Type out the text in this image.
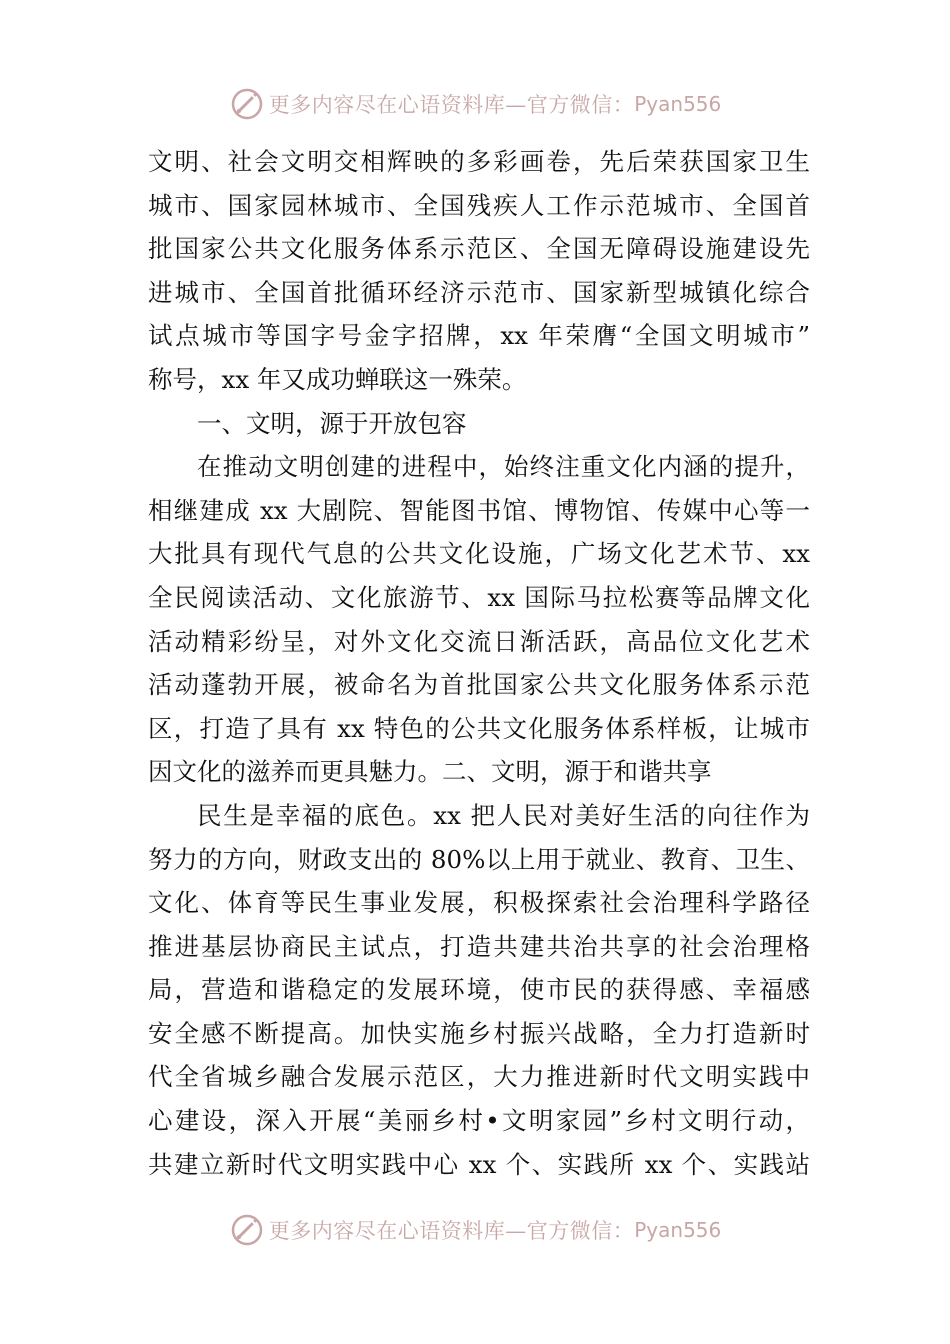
更多内容尽在心语资料库—官方微信： Pyan556
文明、社会文明交相辉映的多彩画卷，先后荣获国家卫生
城市、国家园林城市、全国残疾人工作示范城市、全国首
批国家公共文化服务体系示范区、全国无障碍设施建设先
进城市、全国首批循环经济示范市、国家新型城镇化综合
试点城市等国字号金字招牌，xx 年荣膺“全国文明城市”
称号，xx 年又成功蝉联这一殊荣。
一、文明，源于开放包容
在推动文明创建的进程中，始终注重文化内涵的提升，
相继建成 xx 大剧院、智能图书馆、博物馆、传媒中心等一
大批具有现代气息的公共文化设施，广场文化艺术节、xx
全民阅读活动、文化旅游节、xx 国际马拉松赛等品牌文化
活动精彩纷呈，对外文化交流日渐活跃，高品位文化艺术
活动蓬勃开展，被命名为首批国家公共文化服务体系示范
区，打造了具有 xx 特色的公共文化服务体系样板，让城市
因文化的滋养而更具魅力。二、文明，源于和谐共享
民生是幸福的底色。xx 把人民对美好生活的向往作为
努力的方向，财政支出的 80%以上用于就业、教育、卫生、
文化、体育等民生事业发展，积极探索社会治理科学路径
推进基层协商民主试点，打造共建共治共享的社会治理格
局，营造和谐稳定的发展环境，使市民的获得感、幸福感
安全感不断提高。加快实施乡村振兴战略，全力打造新时
代全省城乡融合发展示范区，大力推进新时代文明实践中
心建设，深入开展“美丽乡村•文明家园”乡村文明行动，
共建立新时代文明实践中心 xx 个、实践所 xx 个、实践站
更多内容尽在心语资料库—官方微信： Pyan556
